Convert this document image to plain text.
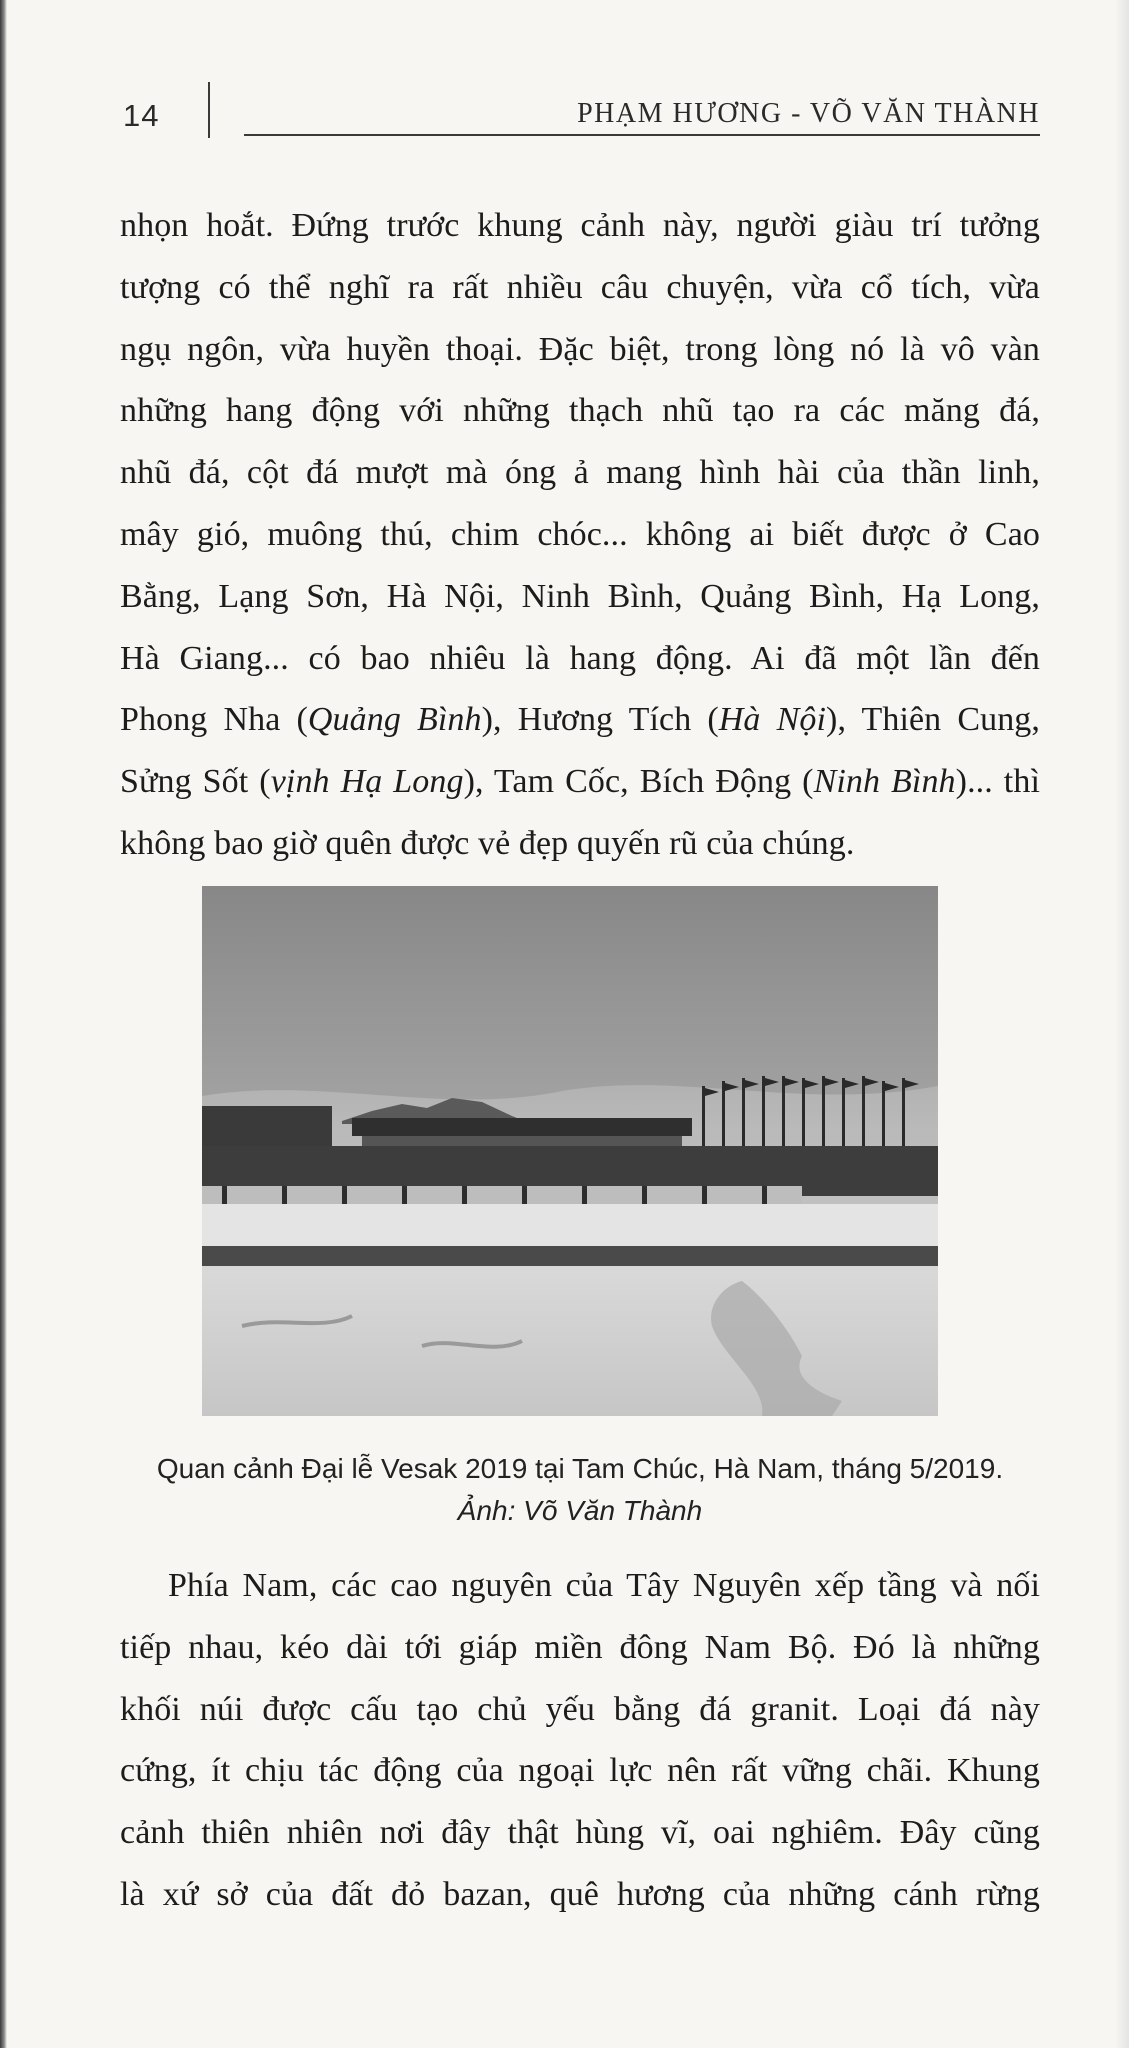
14	PHẠM HƯƠNG - VÕ VĂN THÀNH
nhọn hoắt. Đứng trước khung cảnh này, người giàu trí tưởng
tượng có thể nghĩ ra rất nhiều câu chuyện, vừa cổ tích, vừa
ngụ ngôn, vừa huyền thoại. Đặc biệt, trong lòng nó là vô vàn
những hang động với những thạch nhũ tạo ra các măng đá,
nhũ đá, cột đá mượt mà óng ả mang hình hài của thần linh,
mây gió, muông thú, chim chóc... không ai biết được ở Cao
Bằng, Lạng Sơn, Hà Nội, Ninh Bình, Quảng Bình, Hạ Long,
Hà Giang... có bao nhiêu là hang động. Ai đã một lần đến
Phong Nha (Quảng Bình), Hương Tích (Hà Nội), Thiên Cung,
Sửng Sốt (vịnh Hạ Long), Tam Cốc, Bích Động (Ninh Bình)... thì
không bao giờ quên được vẻ đẹp quyến rũ của chúng.
Quan cảnh Đại lễ Vesak 2019 tại Tam Chúc, Hà Nam, tháng 5/2019.
Ảnh: Võ Văn Thành
Phía Nam, các cao nguyên của Tây Nguyên xếp tầng và nối
tiếp nhau, kéo dài tới giáp miền đông Nam Bộ. Đó là những
khối núi được cấu tạo chủ yếu bằng đá granit. Loại đá này
cứng, ít chịu tác động của ngoại lực nên rất vững chãi. Khung
cảnh thiên nhiên nơi đây thật hùng vĩ, oai nghiêm. Đây cũng
là xứ sở của đất đỏ bazan, quê hương của những cánh rừng
